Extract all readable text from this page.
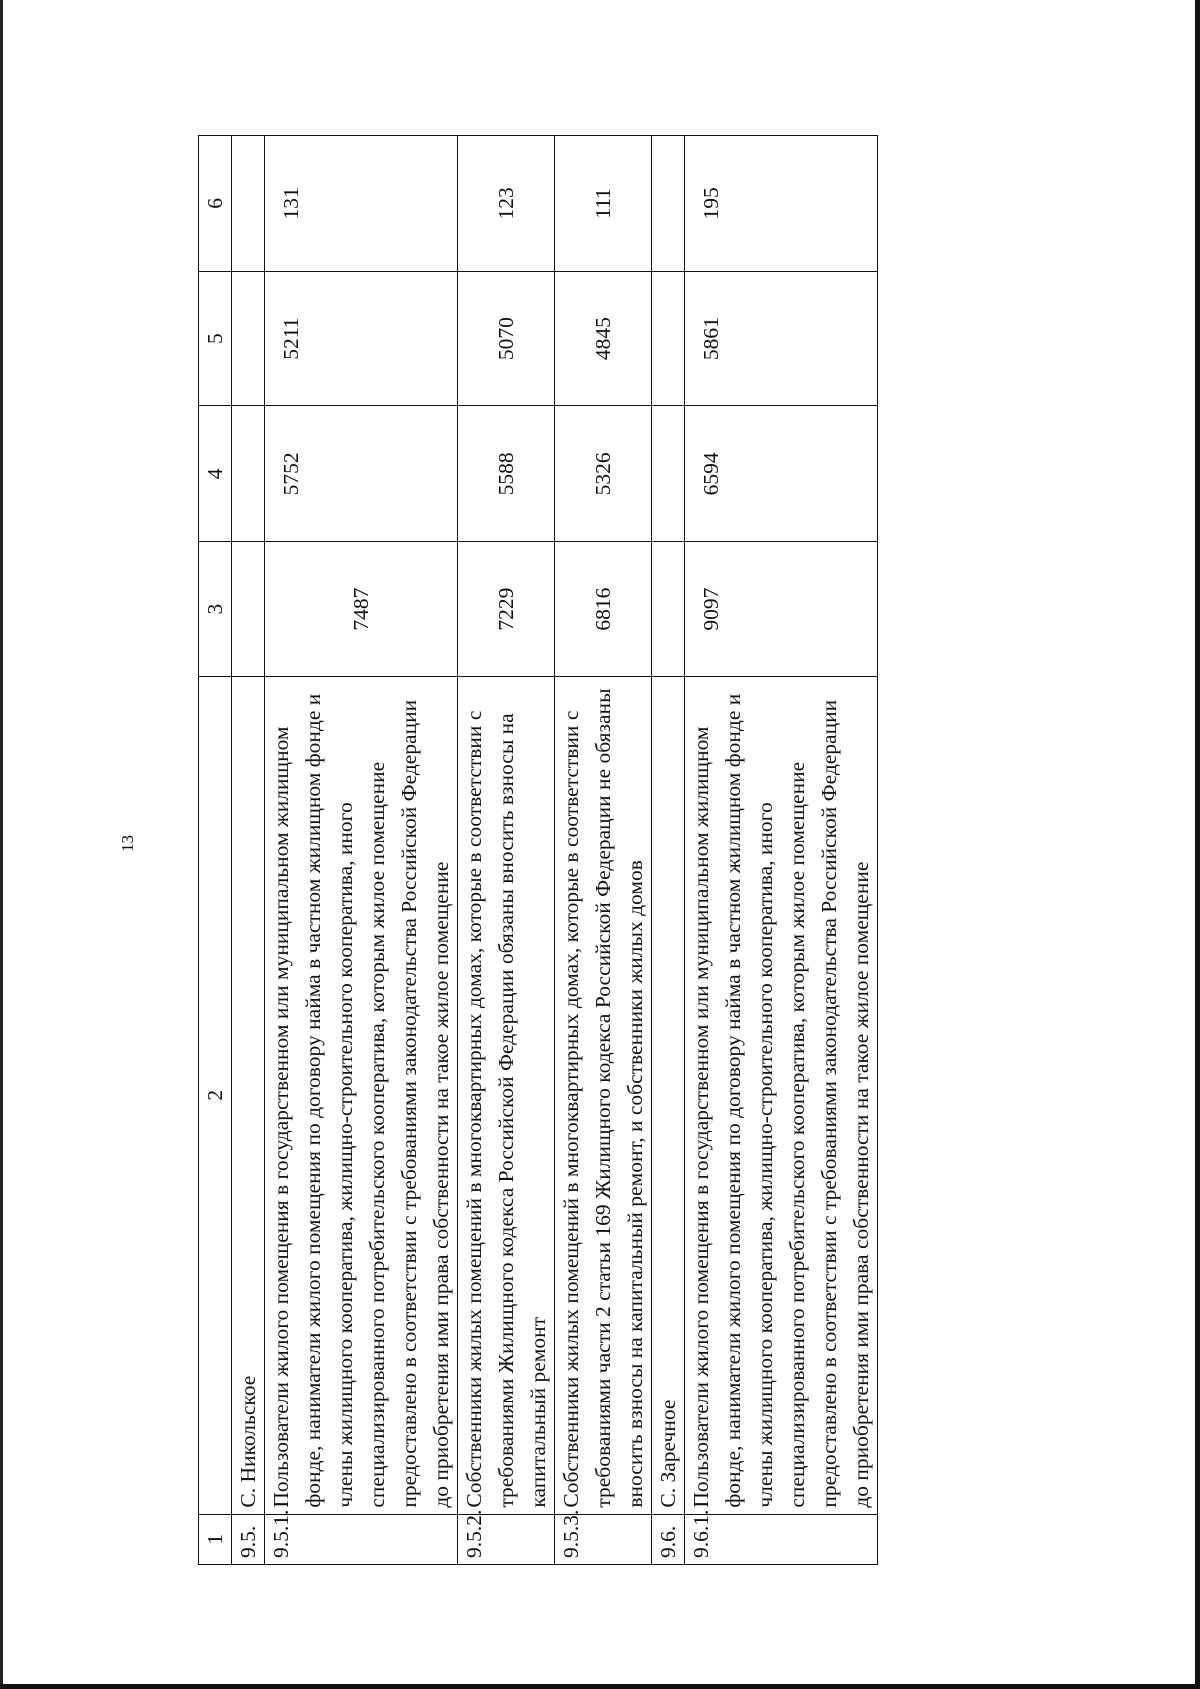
13
1	2	3	4	5	6
9.5.	С. Никольское				
9.5.1.	Пользователи жилого помещения в государственном или муниципальном жилищном фонде, наниматели жилого помещения по договору найма в частном жилищном фонде и члены жилищного кооператива, жилищно-строительного кооператива, иного специализированного потребительского кооператива, которым жилое помещение предоставлено в соответствии с требованиями законодательства Российской Федерации до приобретения ими права собственности на такое жилое помещение	7487	5752	5211	131
9.5.2.	Собственники жилых помещений в многоквартирных домах, которые в соответствии с требованиями Жилищного кодекса Российской Федерации обязаны вносить взносы на капитальный ремонт	7229	5588	5070	123
9.5.3.	Собственники жилых помещений в многоквартирных домах, которые в соответствии с требованиями части 2 статьи 169 Жилищного кодекса Российской Федерации не обязаны вносить взносы на капитальный ремонт, и собственники жилых домов	6816	5326	4845	111
9.6.	С. Заречное				
9.6.1.	Пользователи жилого помещения в государственном или муниципальном жилищном фонде, наниматели жилого помещения по договору найма в частном жилищном фонде и члены жилищного кооператива, жилищно-строительного кооператива, иного специализированного потребительского кооператива, которым жилое помещение предоставлено в соответствии с требованиями законодательства Российской Федерации до приобретения ими права собственности на такое жилое помещение	9097	6594	5861	195
